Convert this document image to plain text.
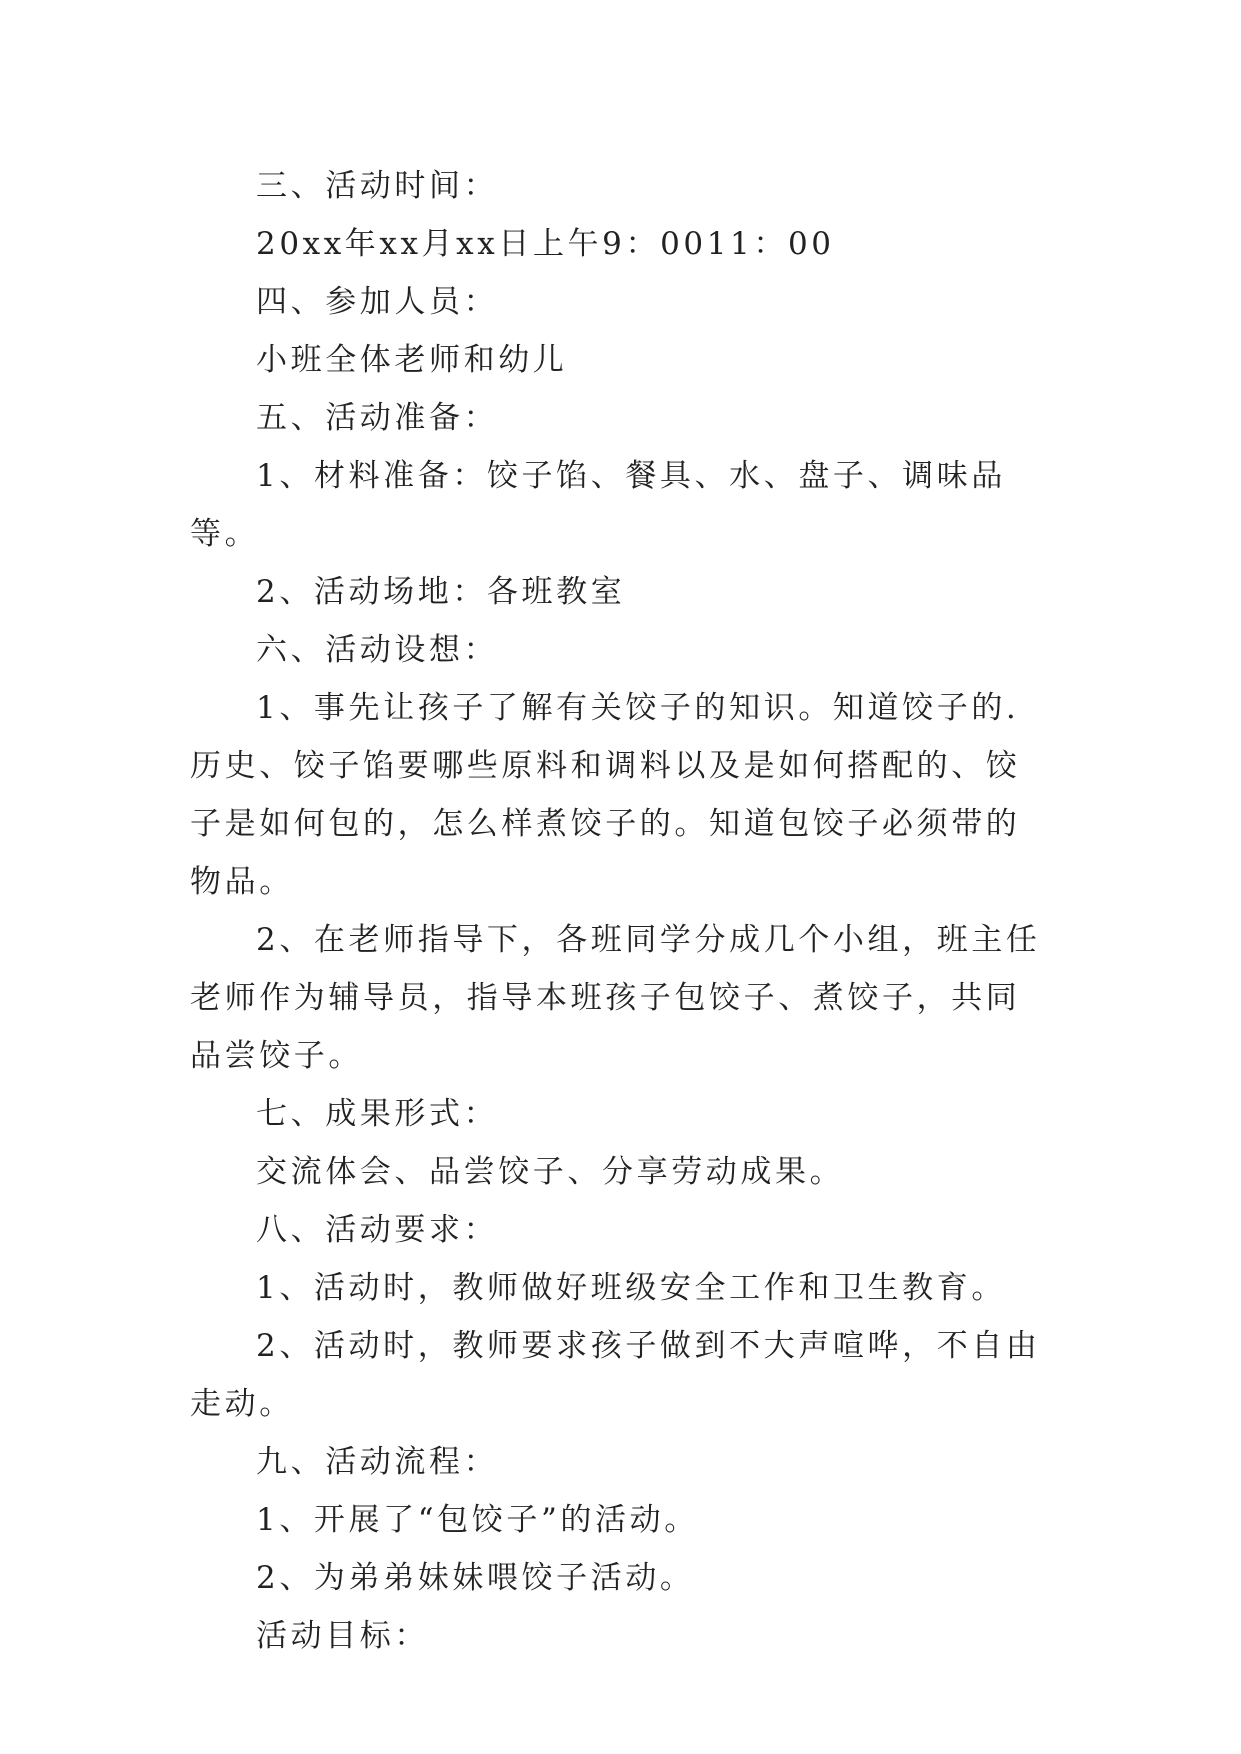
三、活动时间：

20xx年xx月xx日上午9：0011：00

四、参加人员：

小班全体老师和幼儿

五、活动准备：

1、材料准备：饺子馅、餐具、水、盘子、调味品等。

2、活动场地：各班教室

六、活动设想：

1、事先让孩子了解有关饺子的知识。知道饺子的.历史、饺子馅要哪些原料和调料以及是如何搭配的、饺子是如何包的，怎么样煮饺子的。知道包饺子必须带的物品。

2、在老师指导下，各班同学分成几个小组，班主任老师作为辅导员，指导本班孩子包饺子、煮饺子，共同品尝饺子。

七、成果形式：

交流体会、品尝饺子、分享劳动成果。

八、活动要求：

1、活动时，教师做好班级安全工作和卫生教育。

2、活动时，教师要求孩子做到不大声喧哗，不自由走动。

九、活动流程：

1、开展了“包饺子”的活动。

2、为弟弟妹妹喂饺子活动。

活动目标：
